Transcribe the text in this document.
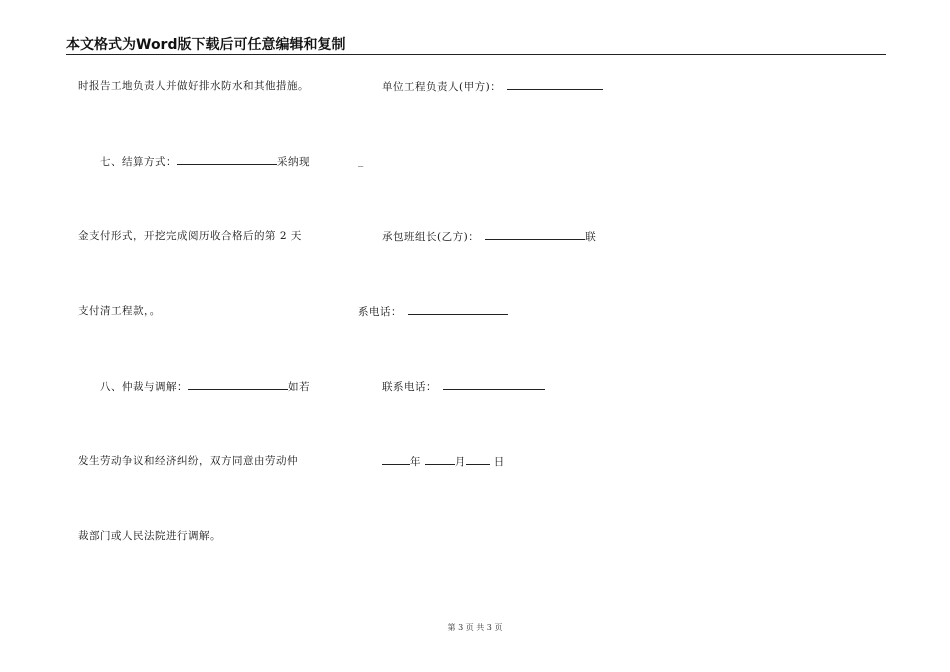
本文格式为Word版下载后可任意编辑和复制
时报告工地负责人并做好排水防水和其他措施。
七、结算方式：	采纳现
金支付形式，开挖完成阅历收合格后的第 2 天
支付清工程款，。
八、仲裁与调解：	如若
发生劳动争议和经济纠纷，双方同意由劳动仲
裁部门或人民法院进行调解。
单位工程负责人(甲方)：
_
承包班组长(乙方)：	联
系电话：
联系电话：
年	月	日
第 3 页 共 3 页
